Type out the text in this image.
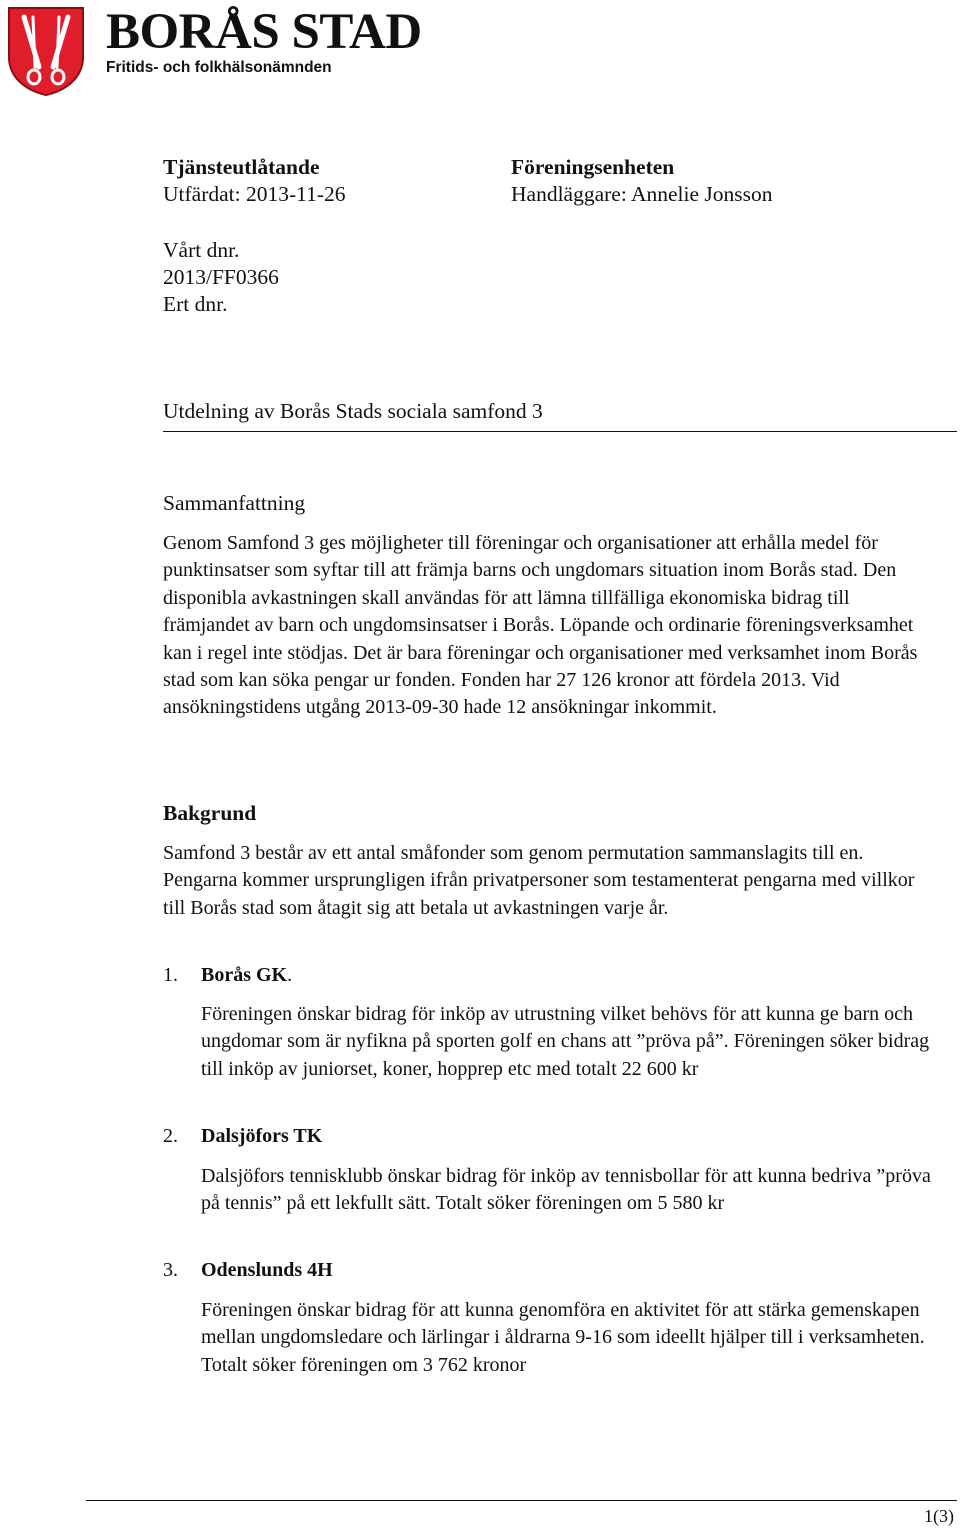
BORÅS STAD
Fritids- och folkhälsonämnden
Tjänsteutlåtande
Utfärdat: 2013-11-26
Föreningsenheten
Handläggare: Annelie Jonsson
Vårt dnr.
2013/FF0366
Ert dnr.
Utdelning av Borås Stads sociala samfond 3
Sammanfattning
Genom Samfond 3 ges möjligheter till föreningar och organisationer att erhålla medel för punktinsatser som syftar till att främja barns och ungdomars situation inom Borås stad. Den disponibla avkastningen skall användas för att lämna tillfälliga ekonomiska bidrag till främjandet av barn och ungdomsinsatser i Borås. Löpande och ordinarie föreningsverksamhet kan i regel inte stödjas. Det är bara föreningar och organisationer med verksamhet inom Borås stad som kan söka pengar ur fonden. Fonden har 27 126 kronor att fördela 2013. Vid ansökningstidens utgång 2013-09-30 hade 12 ansökningar inkommit.
Bakgrund
Samfond 3 består av ett antal småfonder som genom permutation sammanslagits till en. Pengarna kommer ursprungligen ifrån privatpersoner som testamenterat pengarna med villkor till Borås stad som åtagit sig att betala ut avkastningen varje år.
1. Borås GK.
Föreningen önskar bidrag för inköp av utrustning vilket behövs för att kunna ge barn och ungdomar som är nyfikna på sporten golf en chans att ”pröva på”. Föreningen söker bidrag till inköp av juniorset, koner, hopprep etc med totalt 22 600 kr
2. Dalsjöfors TK
Dalsjöfors tennisklubb önskar bidrag för inköp av tennisbollar för att kunna bedriva ”pröva på tennis” på ett lekfullt sätt. Totalt söker föreningen om 5 580 kr
3. Odenslunds 4H
Föreningen önskar bidrag för att kunna genomföra en aktivitet för att stärka gemenskapen mellan ungdomsledare och lärlingar i åldrarna 9-16 som ideellt hjälper till i verksamheten. Totalt söker föreningen om 3 762 kronor
1(3)
